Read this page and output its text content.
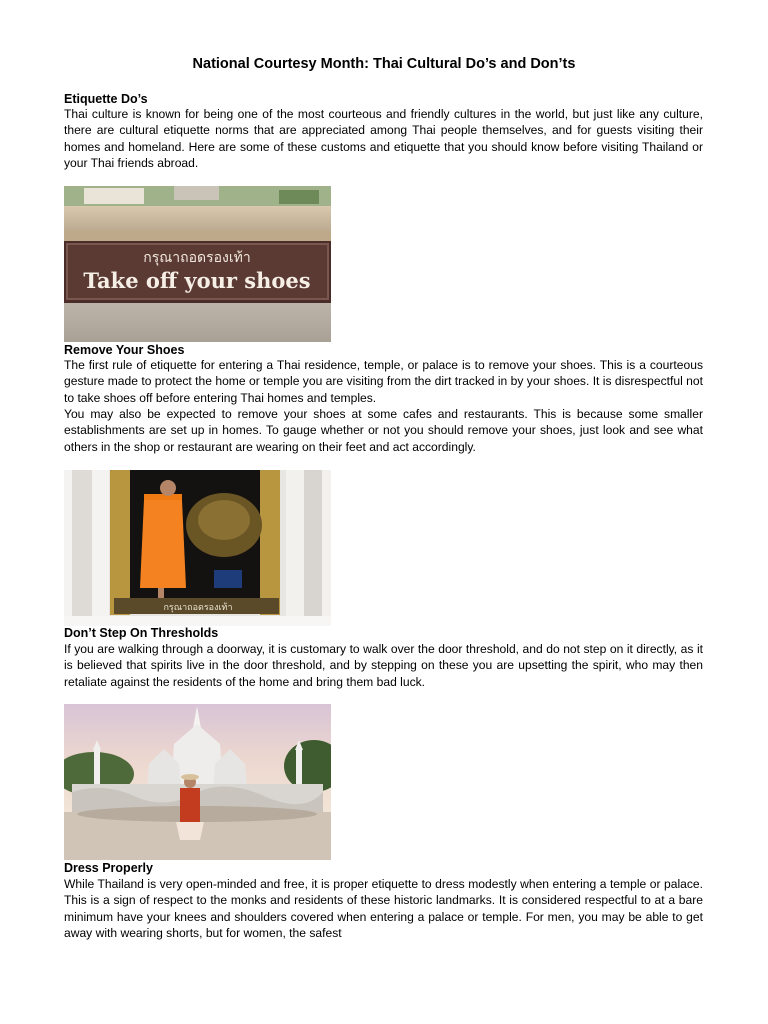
National Courtesy Month: Thai Cultural Do’s and Don’ts
Etiquette Do’s

Thai culture is known for being one of the most courteous and friendly cultures in the world, but just like any culture, there are cultural etiquette norms that are appreciated among Thai people themselves, and for guests visiting their homes and homeland. Here are some of these customs and etiquette that you should know before visiting Thailand or your Thai friends abroad.

กรุณาถอดรองเท้า
Take off your shoes
Remove Your Shoes

The first rule of etiquette for entering a Thai residence, temple, or palace is to remove your shoes. This is a courteous gesture made to protect the home or temple you are visiting from the dirt tracked in by your shoes. It is disrespectful not to take shoes off before entering Thai homes and temples.

You may also be expected to remove your shoes at some cafes and restaurants. This is because some smaller establishments are set up in homes. To gauge whether or not you should remove your shoes, just look and see what others in the shop or restaurant are wearing on their feet and act accordingly.

กรุณาถอดรองเท้า
Don’t Step On Thresholds

If you are walking through a doorway, it is customary to walk over the door threshold, and do not step on it directly, as it is believed that spirits live in the door threshold, and by stepping on these you are upsetting the spirit, who may then retaliate against the residents of the home and bring them bad luck.

Dress Properly

While Thailand is very open-minded and free, it is proper etiquette to dress modestly when entering a temple or palace. This is a sign of respect to the monks and residents of these historic landmarks. It is considered respectful to at a bare minimum have your knees and shoulders covered when entering a palace or temple. For men, you may be able to get away with wearing shorts, but for women, the safest
